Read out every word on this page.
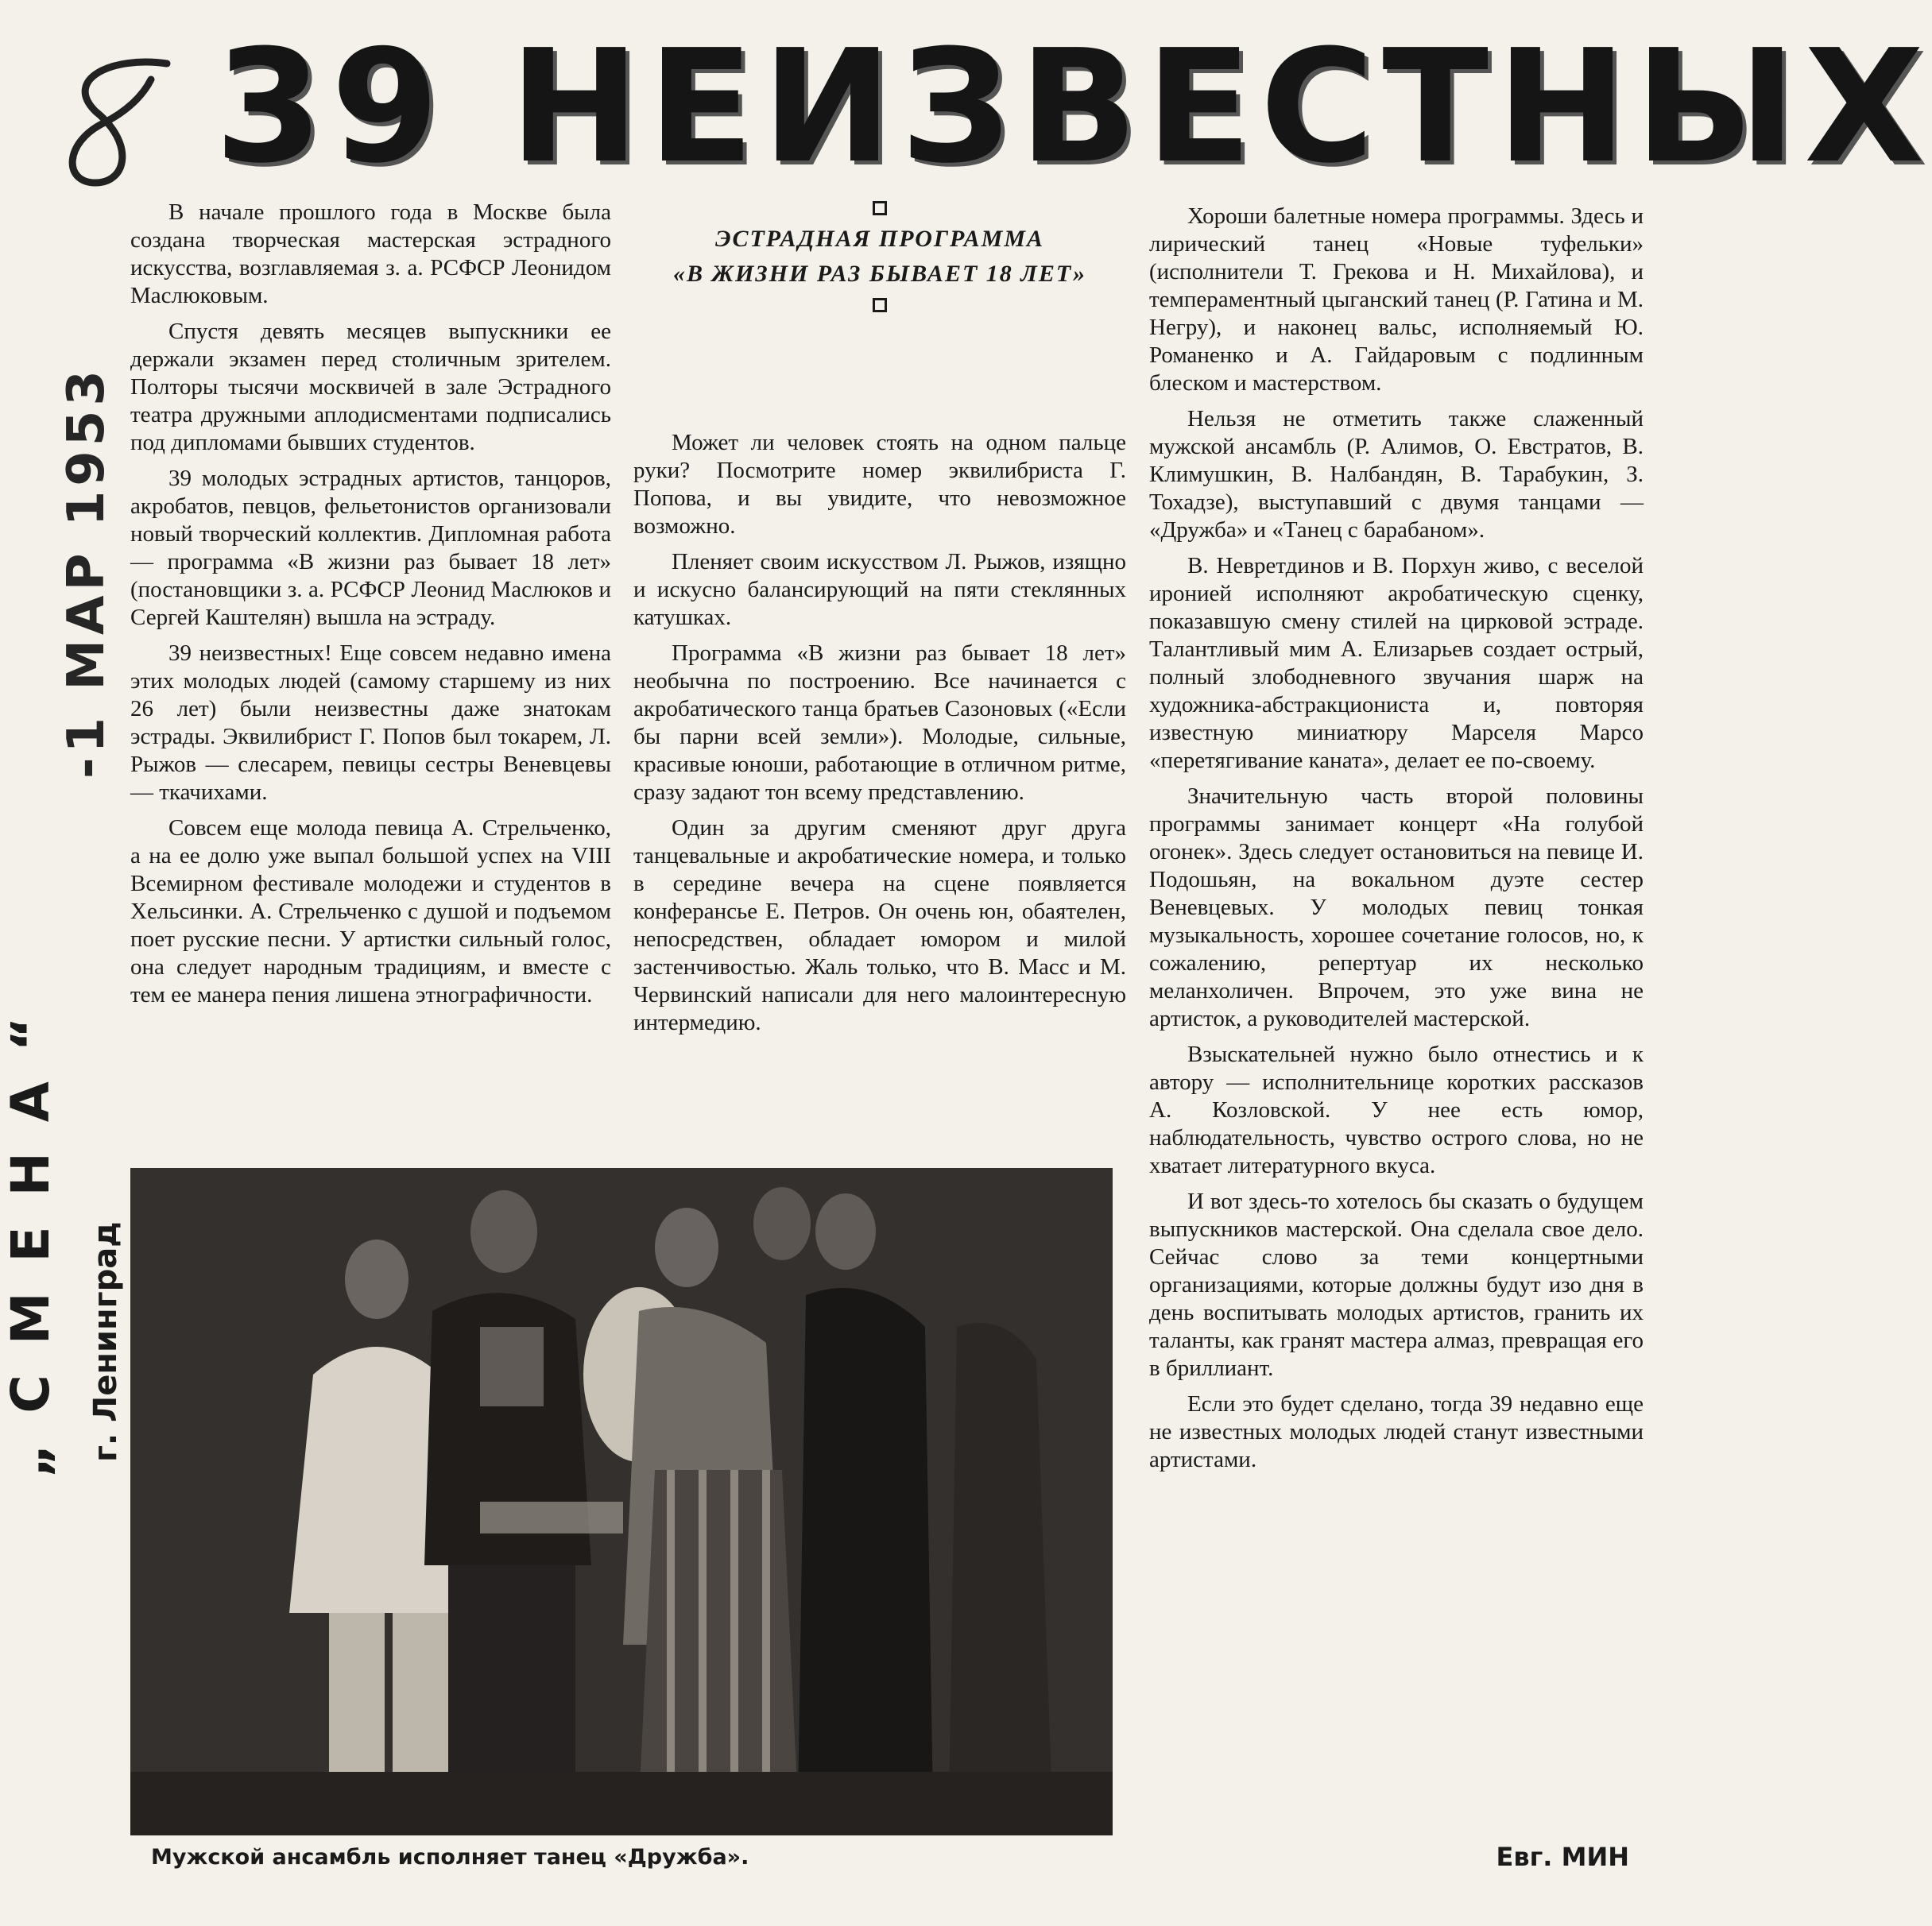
39 НЕИЗВЕСТНЫХ
-1 МАР 1953
„СМЕНА“ г. Ленинград

В начале прошлого года в Москве была создана творческая мастерская эстрадного искусства, возглавляемая з. а. РСФСР Леонидом Маслюковым.

Спустя девять месяцев выпускники ее держали экзамен перед столичным зрителем. Полторы тысячи москвичей в зале Эстрадного театра дружными аплодисментами подписались под дипломами бывших студентов.

39 молодых эстрадных артистов, танцоров, акробатов, певцов, фельетонистов организовали новый творческий коллектив. Дипломная работа — программа «В жизни раз бывает 18 лет» (постановщики з. а. РСФСР Леонид Маслюков и Сергей Каштелян) вышла на эстраду.

39 неизвестных! Еще совсем недавно имена этих молодых людей (самому старшему из них 26 лет) были неизвестны даже знатокам эстрады. Эквилибрист Г. Попов был токарем, Л. Рыжов — слесарем, певицы сестры Веневцевы — ткачихами.

Совсем еще молода певица А. Стрельченко, а на ее долю уже выпал большой успех на VIII Всемирном фестивале молодежи и студентов в Хельсинки. А. Стрельченко с душой и подъемом поет русские песни. У артистки сильный голос, она следует народным традициям, и вместе с тем ее манера пения лишена этнографичности.

ЭСТРАДНАЯ ПРОГРАММА
«В ЖИЗНИ РАЗ БЫВАЕТ 18 ЛЕТ»

Может ли человек стоять на одном пальце руки? Посмотрите номер эквилибриста Г. Попова, и вы увидите, что невозможное возможно.

Пленяет своим искусством Л. Рыжов, изящно и искусно балансирующий на пяти стеклянных катушках.

Программа «В жизни раз бывает 18 лет» необычна по построению. Все начинается с акробатического танца братьев Сазоновых («Если бы парни всей земли»). Молодые, сильные, красивые юноши, работающие в отличном ритме, сразу задают тон всему представлению.

Один за другим сменяют друг друга танцевальные и акробатические номера, и только в середине вечера на сцене появляется конферансье Е. Петров. Он очень юн, обаятелен, непосредствен, обладает юмором и милой застенчивостью. Жаль только, что В. Масс и М. Червинский написали для него малоинтересную интермедию.

Хороши балетные номера программы. Здесь и лирический танец «Новые туфельки» (исполнители Т. Грекова и Н. Михайлова), и темпераментный цыганский танец (Р. Гатина и М. Негру), и наконец вальс, исполняемый Ю. Романенко и А. Гайдаровым с подлинным блеском и мастерством.

Нельзя не отметить также слаженный мужской ансамбль (Р. Алимов, О. Евстратов, В. Климушкин, В. Налбандян, В. Тарабукин, З. Тохадзе), выступавший с двумя танцами — «Дружба» и «Танец с барабаном».

В. Невретдинов и В. Порхун живо, с веселой иронией исполняют акробатическую сценку, показавшую смену стилей на цирковой эстраде. Талантливый мим А. Елизарьев создает острый, полный злободневного звучания шарж на художника-абстракциониста и, повторяя известную миниатюру Марселя Марсо «перетягивание каната», делает ее по-своему.

Значительную часть второй половины программы занимает концерт «На голубой огонек». Здесь следует остановиться на певице И. Подошьян, на вокальном дуэте сестер Веневцевых. У молодых певиц тонкая музыкальность, хорошее сочетание голосов, но, к сожалению, репертуар их несколько меланхоличен. Впрочем, это уже вина не артисток, а руководителей мастерской.

Взыскательней нужно было отнестись и к автору — исполнительнице коротких рассказов А. Козловской. У нее есть юмор, наблюдательность, чувство острого слова, но не хватает литературного вкуса.

И вот здесь-то хотелось бы сказать о будущем выпускников мастерской. Она сделала свое дело. Сейчас слово за теми концертными организациями, которые должны будут изо дня в день воспитывать молодых артистов, гранить их таланты, как гранят мастера алмаз, превращая его в бриллиант.

Если это будет сделано, тогда 39 недавно еще не известных молодых людей станут известными артистами.

Мужской ансамбль исполняет танец «Дружба».	Евг. МИН
